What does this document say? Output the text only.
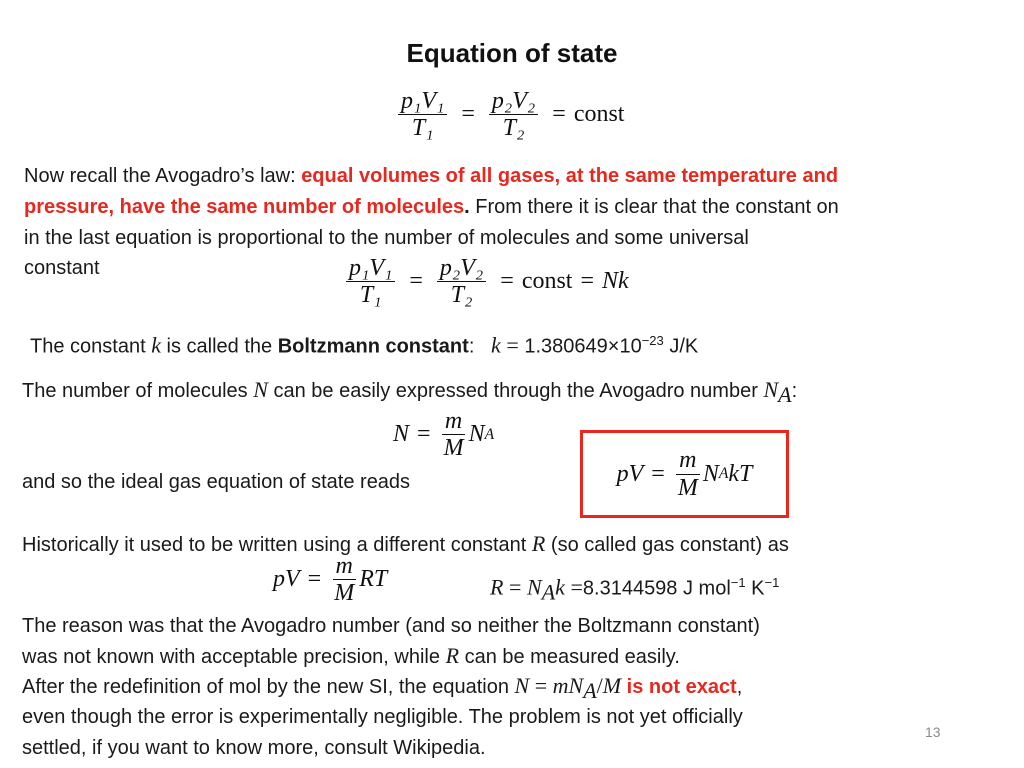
Equation of state
$\frac{\text{p₁V₁}}{\text{T₁}} = \frac{\text{p₂V₂}}{\text{T₂}}$ = const
Now recall the Avogadro’s law: equal volumes of all gases, at the same temperature and
pressure, have the same number of molecules. From there it is clear that the constant on
in the last equation is proportional to the number of molecules and some universal
constant	$\frac{\text{p₁V₁}}{\text{T₁}} = \frac{\text{p₂V₂}}{\text{T₂}}$ = const = Nk
The constant k is called the Boltzmann constant: $k = 1.380649\times 10^{-23}$ J/K
The number of molecules N can be easily expressed through the Avogadro number $N_A$:
$N = \frac{m}{M}$ N A
and so the ideal gas equation of state reads	pV = $\frac{m}{M}$ N A kT
Historically it used to be written using a different constant R (so called gas constant) as
pV = $\frac{m}{M}$ RT	$R = N_Ak =8.3144598$ J mol$^{-1}$ $K^{-1}$
The reason was that the Avogadro number (and so neither the Boltzmann constant)
was not known with acceptable precision, while R can be measured easily.
After the redefinition of mol by the new SI, the equation $N = mN_A/M$ is not exact,
even though the error is experimentally negligible. The problem is not yet officially
settled, if you want to know more, consult Wikipedia.
13
